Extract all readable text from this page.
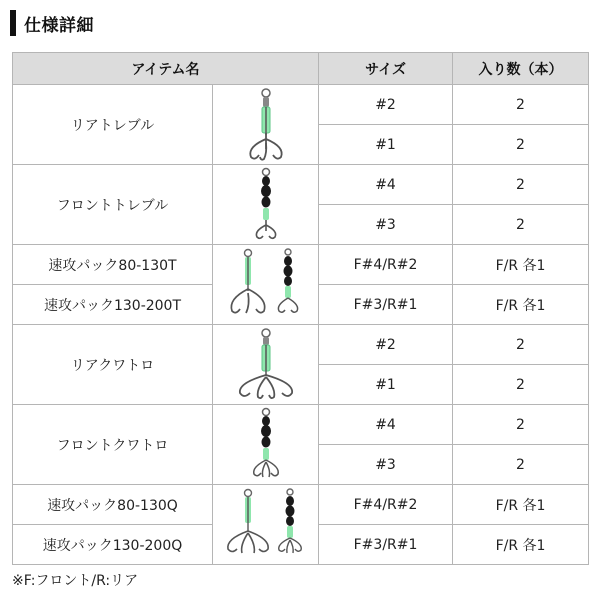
仕様詳細
アイテム名		サイズ	入り数（本）
リアトレブル		#2	2
		#1	2
フロントトレブル		#4	2
		#3	2
速攻パック80-130T		F#4/R#2	F/R 各1
速攻パック130-200T		F#3/R#1	F/R 各1
リアクワトロ		#2	2
		#1	2
フロントクワトロ		#4	2
		#3	2
速攻パック80-130Q		F#4/R#2	F/R 各1
速攻パック130-200Q		F#3/R#1	F/R 各1
※F:フロント/R:リア
